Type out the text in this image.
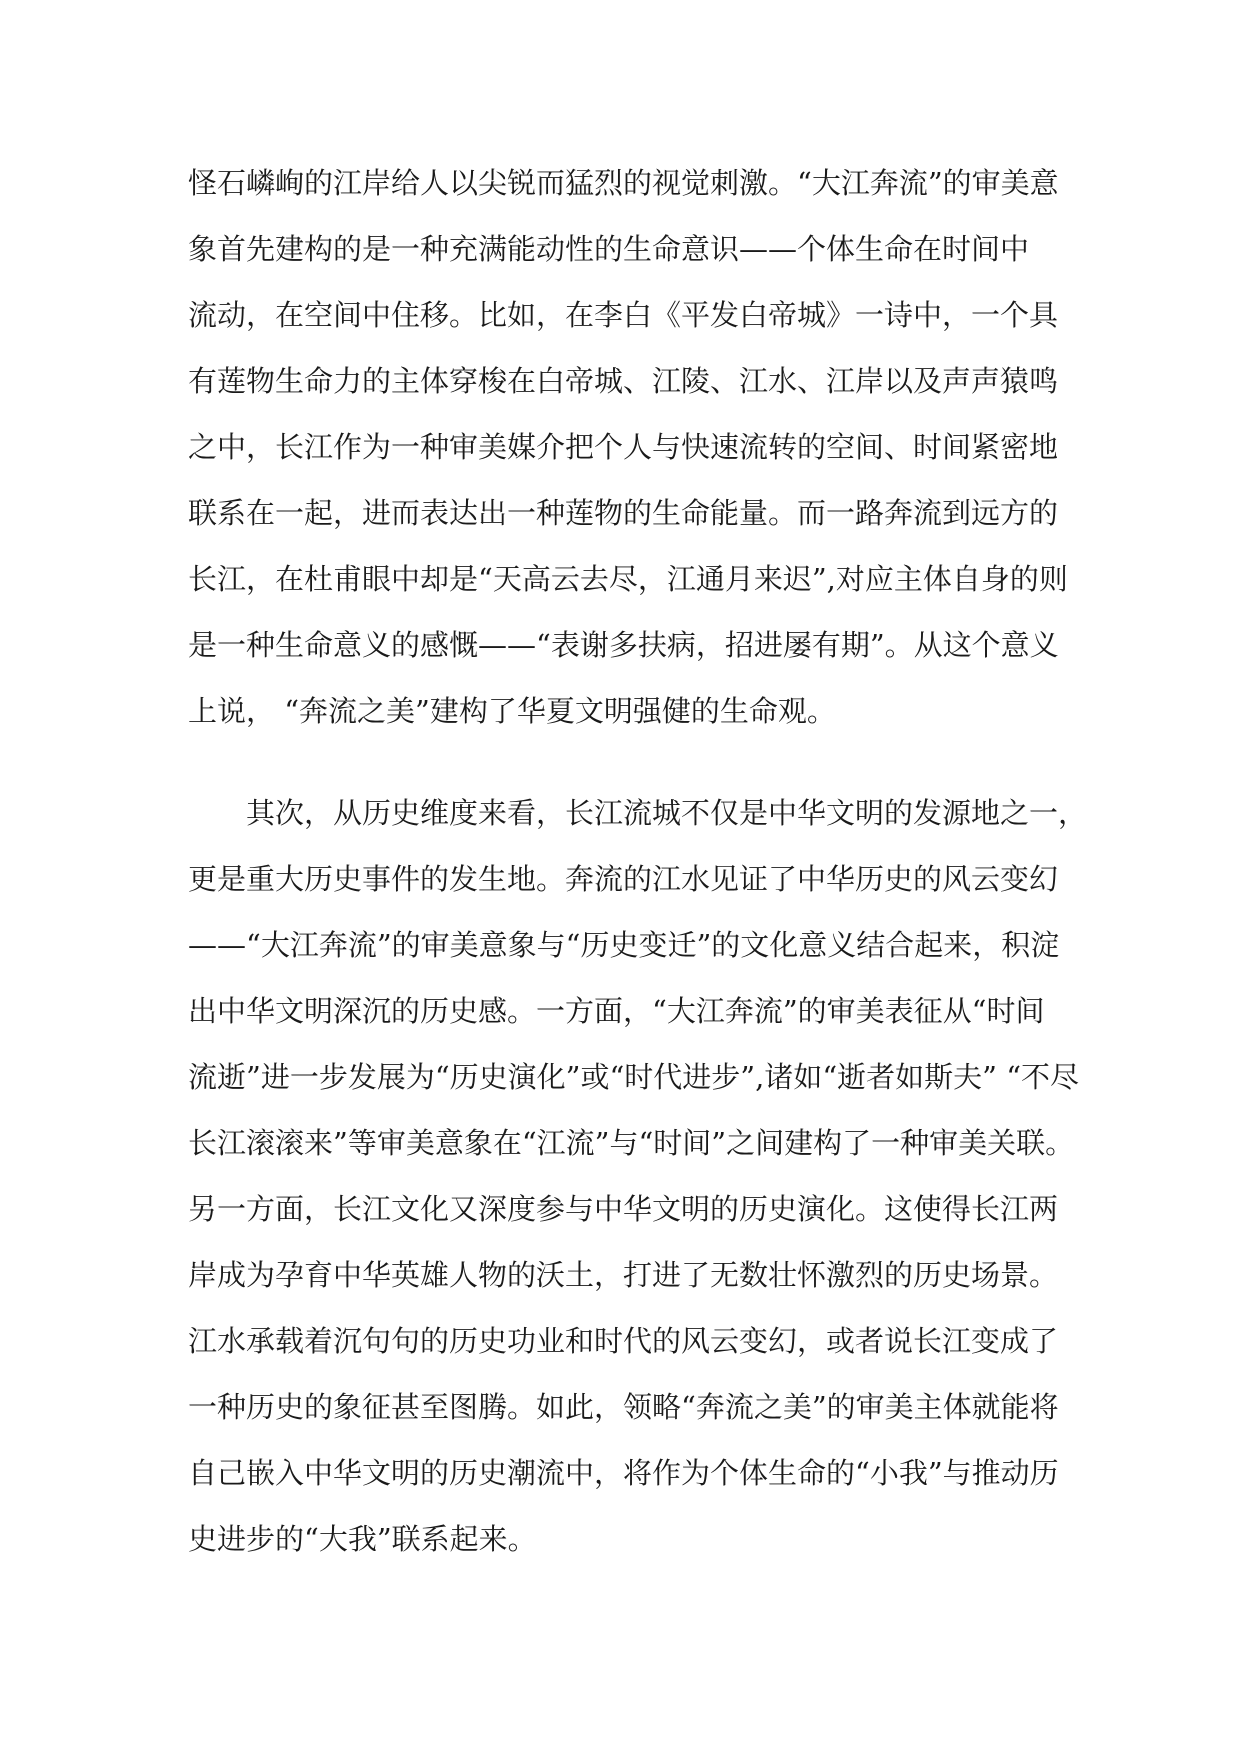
怪石嶙峋的江岸给人以尖锐而猛烈的视觉刺激。“大江奔流”的审美意
象首先建构的是一种充满能动性的生命意识——个体生命在时间中
流动，在空间中住移。比如，在李白《平发白帝城》一诗中，一个具
有莲物生命力的主体穿梭在白帝城、江陵、江水、江岸以及声声猿鸣
之中，长江作为一种审美媒介把个人与快速流转的空间、时间紧密地
联系在一起，进而表达出一种莲物的生命能量。而一路奔流到远方的
长江，在杜甫眼中却是“天高云去尽，江通月来迟”,对应主体自身的则
是一种生命意义的感慨——“表谢多扶病，招进屡有期”。从这个意义
上说， “奔流之美”建构了华夏文明强健的生命观。
其次，从历史维度来看，长江流城不仅是中华文明的发源地之一，
更是重大历史事件的发生地。奔流的江水见证了中华历史的风云变幻
——“大江奔流”的审美意象与“历史变迁”的文化意义结合起来，积淀
出中华文明深沉的历史感。一方面，“大江奔流”的审美表征从“时间
流逝”进一步发展为“历史演化”或“时代进步”,诸如“逝者如斯夫” “不尽
长江滚滚来”等审美意象在“江流”与“时间”之间建构了一种审美关联。
另一方面，长江文化又深度参与中华文明的历史演化。这使得长江两
岸成为孕育中华英雄人物的沃土，打进了无数壮怀激烈的历史场景。
江水承载着沉句句的历史功业和时代的风云变幻，或者说长江变成了
一种历史的象征甚至图腾。如此，领略“奔流之美”的审美主体就能将
自己嵌入中华文明的历史潮流中，将作为个体生命的“小我”与推动历
史进步的“大我”联系起来。
